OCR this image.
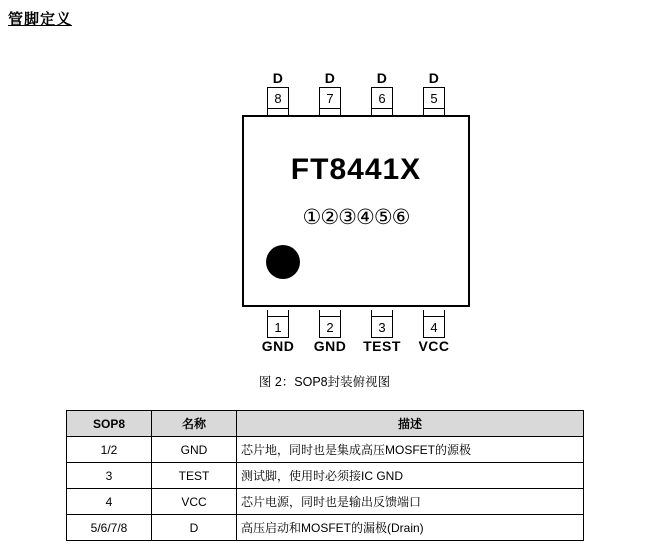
管脚定义
D
8
D
7
D
6
D
5
FT8441X
①②③④⑤⑥
1
GND
2
GND
3
TEST
4
VCC
图 2：SOP8封装俯视图
SOP8	名称	描述
1/2	GND	芯片地，同时也是集成高压MOSFET的源极
3	TEST	测试脚，使用时必须接IC GND
4	VCC	芯片电源，同时也是输出反馈端口
5/6/7/8	D	高压启动和MOSFET的漏极(Drain)
